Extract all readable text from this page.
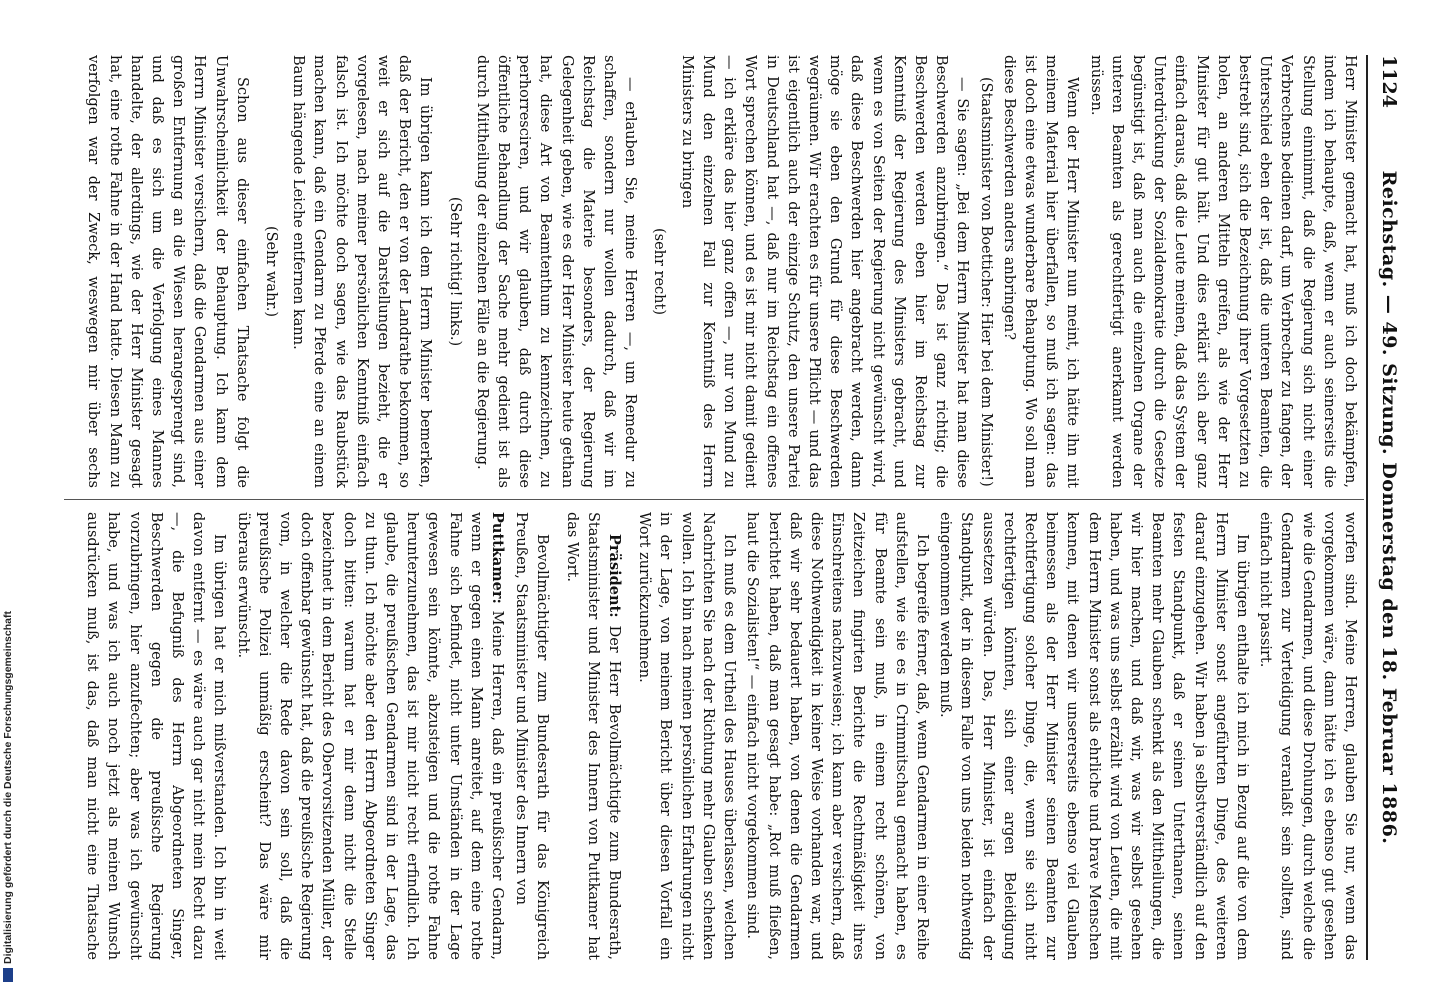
1124
Reichstag. — 49. Sitzung. Donnerstag den 18. Februar 1886.

Herr Minister gemacht hat, muß ich doch bekämpfen, indem ich behaupte, daß, wenn er auch seinerseits die Stellung einnimmt, daß die Regierung sich nicht einer Verbrechens bedienen darf, um Verbrecher zu fangen, der Unterschied eben der ist, daß die unteren Beamten, die bestrebt sind, sich die Bezeichnung ihrer Vorgesetzten zu holen, an anderen Mitteln greifen, als wie der Herr Minister für gut hält. Und dies erklärt sich aber ganz einfach daraus, daß die Leute meinen, daß das System der Unterdrückung der Sozialdemokratie durch die Gesetze begünstigt ist, daß man auch die einzelnen Organe der unteren Beamten als gerechtfertigt anerkannt werden müssen.

Wenn der Herr Minister nun meint, ich hätte ihn mit meinem Material hier überfallen, so muß ich sagen: das ist doch eine etwas wunderbare Behauptung. Wo soll man diese Beschwerden anders anbringen?

(Staatsminister von Boetticher: Hier bei dem Minister!)

— Sie sagen: „Bei dem Herrn Minister hat man diese Beschwerden anzubringen.“ Das ist ganz richtig; die Beschwerden werden eben hier im Reichstag zur Kenntniß der Regierung des Ministers gebracht, und wenn es von Seiten der Regierung nicht gewünscht wird, daß diese Beschwerden hier angebracht werden, dann möge sie eben den Grund für diese Beschwerden wegräumen. Wir erachten es für unsere Pflicht — und das ist eigentlich auch der einzige Schutz, den unsere Partei in Deutschland hat —, daß nur im Reichstag ein offenes Wort sprechen können, und es ist mir nicht damit gedient — ich erkläre das hier ganz offen —, nur von Mund zu Mund den einzelnen Fall zur Kenntniß des Herrn Ministers zu bringen

(sehr recht)

— erlauben Sie, meine Herren —, um Remedur zu schaffen, sondern nur wollen dadurch, daß wir im Reichstag die Materie besonders, der Regierung Gelegenheit geben, wie es der Herr Minister heute gethan hat, diese Art von Beamtenthum zu kennzeichnen, zu perhorresciren, und wir glauben, daß durch diese öffentliche Behandlung der Sache mehr gedient ist als durch Mittheilung der einzelnen Fälle an die Regierung.

(Sehr richtig! links.)

Im übrigen kann ich dem Herrn Minister bemerken, daß der Bericht, den er von der Landrathe bekommen, so weit er sich auf die Darstellungen bezieht, die er vorgelesen, nach meiner persönlichen Kenntniß einfach falsch ist. Ich möchte doch sagen, wie das Raubstück machen kann, daß ein Gendarm zu Pferde eine an einem Baum hängende Leiche entfernen kann.

(Sehr wahr.)

Schon aus dieser einfachen Thatsache folgt die Unwahrscheinlichkeit der Behauptung. Ich kann dem Herrn Minister versichern, daß die Gendarmen aus einer großen Entfernung an die Wiesen herangesprengt sind, und daß es sich um die Verfolgung eines Mannes handelte, der allerdings, wie der Herr Minister gesagt hat, eine rothe Fahne in der Hand hatte. Diesen Mann zu verfolgen war der Zweck, weswegen mir über sechs

worfen sind. Meine Herren, glauben Sie nur, wenn das vorgekommen wäre, dann hätte ich es ebenso gut gesehen wie die Gendarmen, und diese Drohungen, durch welche die Gendarmen zur Verteidigung veranlaßt sein sollten, sind einfach nicht passirt.

Im übrigen enthalte ich mich in Bezug auf die von dem Herrn Minister sonst angeführten Dinge, des weiteren darauf einzugehen. Wir haben ja selbstverständlich auf den festen Standpunkt, daß er seinen Unterthanen, seinen Beamten mehr Glauben schenkt als den Mittheilungen, die wir hier machen, und daß wir, was wir selbst gesehen haben, und was uns selbst erzählt wird von Leuten, die mit dem Herrn Minister sonst als ehrliche und brave Menschen kennen, mit denen wir unsererseits ebenso viel Glauben beimessen als der Herr Minister seinen Beamten zur Rechtfertigung solcher Dinge, die, wenn sie sich nicht rechtfertigen könnten, sich einer argen Beleidigung aussetzen würden. Das, Herr Minister, ist einfach der Standpunkt, der in diesem Falle von uns beiden nothwendig eingenommen werden muß.

Ich begreife ferner, daß, wenn Gendarmen in einer Reihe aufstellen, wie sie es in Crimmitschau gemacht haben, es für Beamte sein muß, in einem recht schönen, von Zeitzeichen fingirten Berichte die Rechtmäßigkeit ihres Einschreitens nachzuweisen; ich kann aber versichern, daß diese Nothwendigkeit in keiner Weise vorhanden war, und daß wir sehr bedauert haben, von denen die Gendarmen berichtet haben, daß man gesagt habe: „Rot muß fließen, haut die Sozialisten!“ — einfach nicht vorgekommen sind.

Ich muß es dem Urtheil des Hauses überlassen, welchen Nachrichten Sie nach der Richtung mehr Glauben schenken wollen. Ich bin nach meinen persönlichen Erfahrungen nicht in der Lage, von meinem Bericht über diesen Vorfall ein Wort zurückzunehmen.

Präsident: Der Herr Bevollmächtigte zum Bundesrath, Staatsminister und Minister des Innern von Puttkamer hat das Wort.

Bevollmächtigter zum Bundesrath für das Königreich Preußen, Staatsminister und Minister des Innern von

Puttkamer: Meine Herren, daß ein preußischer Gendarm, wenn er gegen einen Mann anreitet, auf dem eine rothe Fahne sich befindet, nicht unter Umständen in der Lage gewesen sein könnte, abzusteigen und die rothe Fahne herunterzunehmen, das ist mir nicht recht erfindlich. Ich glaube, die preußischen Gendarmen sind in der Lage, das zu thun. Ich möchte aber den Herrn Abgeordneten Singer doch bitten: warum hat er mir denn nicht die Stelle bezeichnet in dem Bericht des Obervorsitzenden Müller, der doch offenbar gewünscht hat, daß die preußische Regierung vom, in welcher die Rede davon sein soll, daß die preußische Polizei unmäßig erscheint? Das wäre mir überaus erwünscht.

Im übrigen hat er mich mißverstanden. Ich bin in weit davon entfernt — es wäre auch gar nicht mein Recht dazu —, die Befugniß des Herrn Abgeordneten Singer, Beschwerden gegen die preußische Regierung vorzubringen, hier anzufechten; aber was ich gewünscht habe, und was ich auch noch jetzt als meinen Wunsch ausdrücken muß, ist das, daß man nicht eine Thatsache

Digitalisierung gefördert durch die Deutsche Forschungsgemeinschaft
